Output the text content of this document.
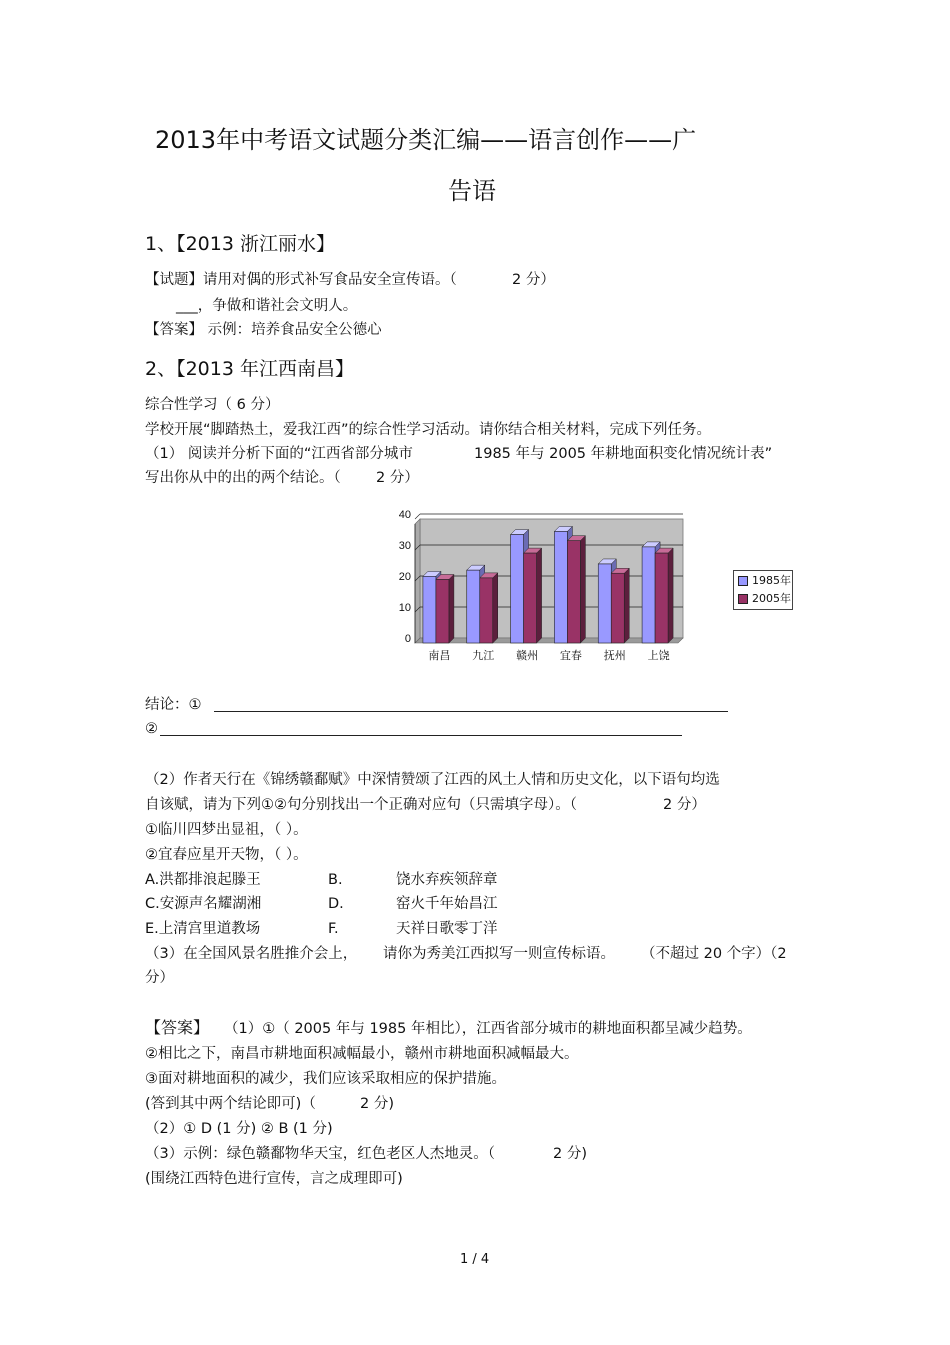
2013年中考语文试题分类汇编——语言创作——广
告语
1、【2013 浙江丽水】
【试题】请用对偶的形式补写食品安全宣传语。（	2 分）
___，争做和谐社会文明人。
【答案】 示例：培养食品安全公德心
2、【2013 年江西南昌】
综合性学习（ 6 分）
学校开展“脚踏热土，爱我江西”的综合性学习活动。请你结合相关材料，完成下列任务。
（1） 阅读并分析下面的“江西省部分城市	1985 年与 2005 年耕地面积变化情况统计表”
写出你从中的出的两个结论。（ 2 分）
0
10
20
30
40
南昌 九江 赣州 宜春 抚州 上饶
1985年
2005年
结论：①
②
（2）作者天行在《锦绣赣鄱赋》中深情赞颂了江西的风土人情和历史文化，以下语句均选
自该赋，请为下列①②句分别找出一个正确对应句（只需填字母）。（	2 分）
①临川四梦出显祖，（ ）。
②宜春应星开天物，（ ）。
A.洪都排浪起滕王	B.	饶水弃疾领辞章
C.安源声名耀湖湘	D.	窑火千年始昌江
E.上清宫里道教场	F.	天祥日歌零丁洋
（3）在全国风景名胜推介会上， 请你为秀美江西拟写一则宣传标语。 （不超过 20 个字）（2
分）
【答案】 （1）①（ 2005 年与 1985 年相比），江西省部分城市的耕地面积都呈减少趋势。
②相比之下，南昌市耕地面积减幅最小，赣州市耕地面积减幅最大。
③面对耕地面积的减少，我们应该采取相应的保护措施。
(答到其中两个结论即可)（	2 分)
（2）① D (1 分) ② B (1 分)
（3）示例：绿色赣鄱物华天宝，红色老区人杰地灵。（	2 分)
(围绕江西特色进行宣传，言之成理即可)
1 / 4
